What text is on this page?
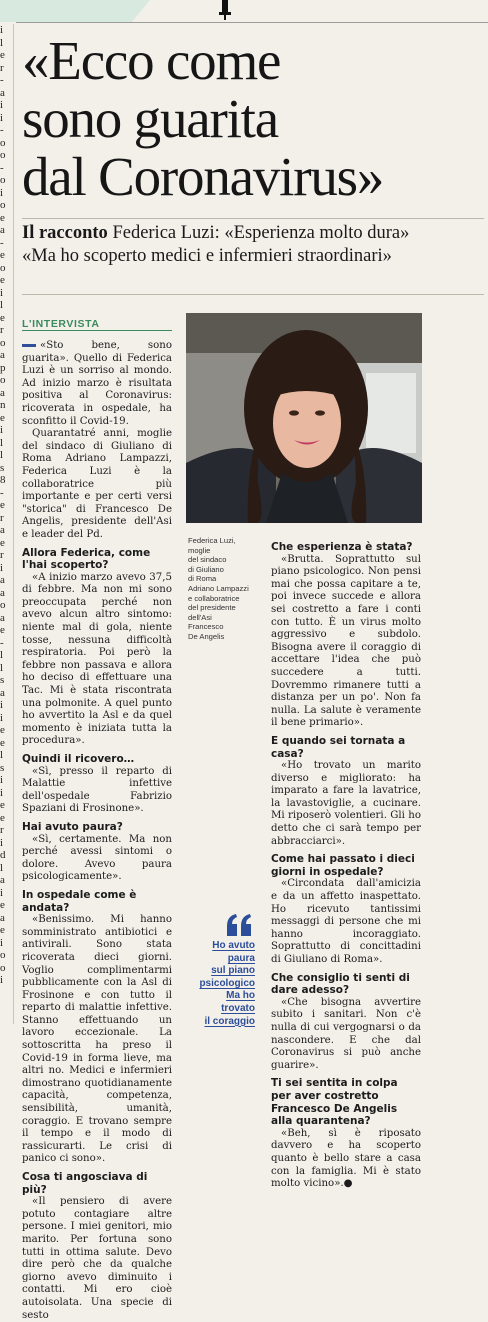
i
l
e
r
-
a
i
i
-
o
o
-
o
i
o
e
a
-
e
o
e
i
l
e
r
o
a
p
o
a
n
e
i
l
l
s
8
-
e
r
a
e
r
i
a
a
o
a
e
-
l
l
s
a
i
i
e
e
l
s
i
i
e
e
r
i
d
l
a
i
e
a
e
i
o
o
i
«Ecco come
sono guarita
dal Coronavirus»
Il racconto Federica Luzi: «Esperienza molto dura»
«Ma ho scoperto medici e infermieri straordinari»
L'INTERVISTA

«Sto bene, sono guarita». Quello di Federica Luzi è un sorriso al mondo. Ad inizio marzo è risultata positiva al Coronavirus: ricoverata in ospedale, ha sconfitto il Covid-19.

Quarantatré anni, moglie del sindaco di Giuliano di Roma Adriano Lampazzi, Federica Luzi è la collaboratrice più importante e per certi versi "storica" di Francesco De Angelis, presidente dell'Asi e leader del Pd.

Allora Federica, come l'hai scoperto?

«A inizio marzo avevo 37,5 di febbre. Ma non mi sono preoccupata perché non avevo alcun altro sintomo: niente mal di gola, niente tosse, nessuna difficoltà respiratoria. Poi però la febbre non passava e allora ho deciso di effettuare una Tac. Mi è stata riscontrata una polmonite. A quel punto ho avvertito la Asl e da quel momento è iniziata tutta la procedura».

Quindi il ricovero…

«Sì, presso il reparto di Malattie infettive dell'ospedale Fabrizio Spaziani di Frosinone».

Hai avuto paura?

«Sì, certamente. Ma non perché avessi sintomi o dolore. Avevo paura psicologicamente».

In ospedale come è andata?

«Benissimo. Mi hanno somministrato antibiotici e antivirali. Sono stata ricoverata dieci giorni. Voglio complimentarmi pubblicamente con la Asl di Frosinone e con tutto il reparto di malattie infettive. Stanno effettuando un lavoro eccezionale. La sottoscritta ha preso il Covid-19 in forma lieve, ma altri no. Medici e infermieri dimostrano quotidianamente capacità, competenza, sensibilità, umanità, coraggio. E trovano sempre il tempo e il modo di rassicurarti. Le crisi di panico ci sono».

Cosa ti angosciava di più?

«Il pensiero di avere potuto contagiare altre persone. I miei genitori, mio marito. Per fortuna sono tutti in ottima salute. Devo dire però che da qualche giorno avevo diminuito i contatti. Mi ero cioè autoisolata. Una specie di sesto

Federica Luzi,
moglie
del sindaco
di Giuliano
di Roma
Adriano Lampazzi
e collaboratrice
del presidente
dell'Asi
Francesco
De Angelis
Ho avuto
paura
sul piano
psicologico
Ma ho
trovato
il coraggio

Che esperienza è stata?

«Brutta. Soprattutto sul piano psicologico. Non pensi mai che possa capitare a te, poi invece succede e allora sei costretto a fare i conti con tutto. È un virus molto aggressivo e subdolo. Bisogna avere il coraggio di accettare l'idea che può succedere a tutti. Dovremmo rimanere tutti a distanza per un po'. Non fa nulla. La salute è veramente il bene primario».

E quando sei tornata a casa?

«Ho trovato un marito diverso e migliorato: ha imparato a fare la lavatrice, la lavastoviglie, a cucinare. Mi riposerò volentieri. Gli ho detto che ci sarà tempo per abbracciarci».

Come hai passato i dieci giorni in ospedale?

«Circondata dall'amicizia e da un affetto inaspettato. Ho ricevuto tantissimi messaggi di persone che mi hanno incoraggiato. Soprattutto di concittadini di Giuliano di Roma».

Che consiglio ti senti di dare adesso?

«Che bisogna avvertire subito i sanitari. Non c'è nulla di cui vergognarsi o da nascondere. E che dal Coronavirus si può anche guarire».

Ti sei sentita in colpa per aver costretto Francesco De Angelis alla quarantena?

«Beh, sì è riposato davvero e ha scoperto quanto è bello stare a casa con la famiglia. Mi è stato molto vicino».●
